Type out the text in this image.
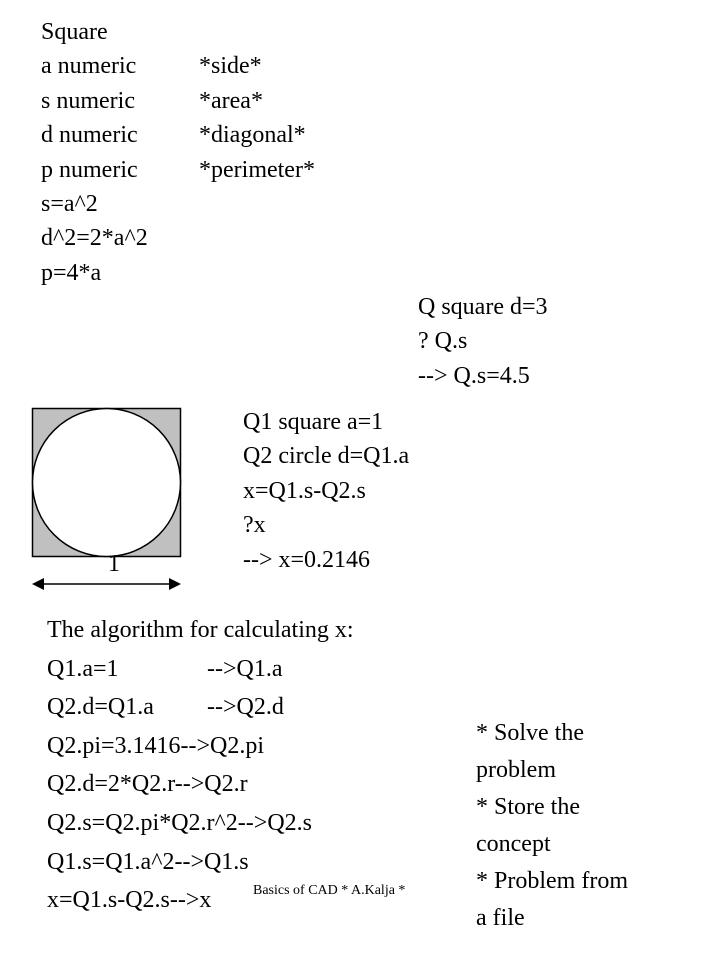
Square
a numeric	*side*
s numeric	*area*
d numeric	*diagonal*
p numeric	*perimeter*
s=a^2
d^2=2*a^2
p=4*a
Q square d=3
? Q.s
--> Q.s=4.5
1
Q1 square a=1
Q2 circle d=Q1.a
x=Q1.s-Q2.s
?x
--> x=0.2146
The algorithm for calculating x:
Q1.a=1	-->Q1.a
Q2.d=Q1.a -->Q2.d
Q2.pi=3.1416-->Q2.pi
Q2.d=2*Q2.r-->Q2.r
Q2.s=Q2.pi*Q2.r^2-->Q2.s
Q1.s=Q1.a^2-->Q1.s
x=Q1.s-Q2.s-->x	Basics of CAD * A.Kalja *
* Solve the
problem
* Store the
concept
* Problem from
a file
